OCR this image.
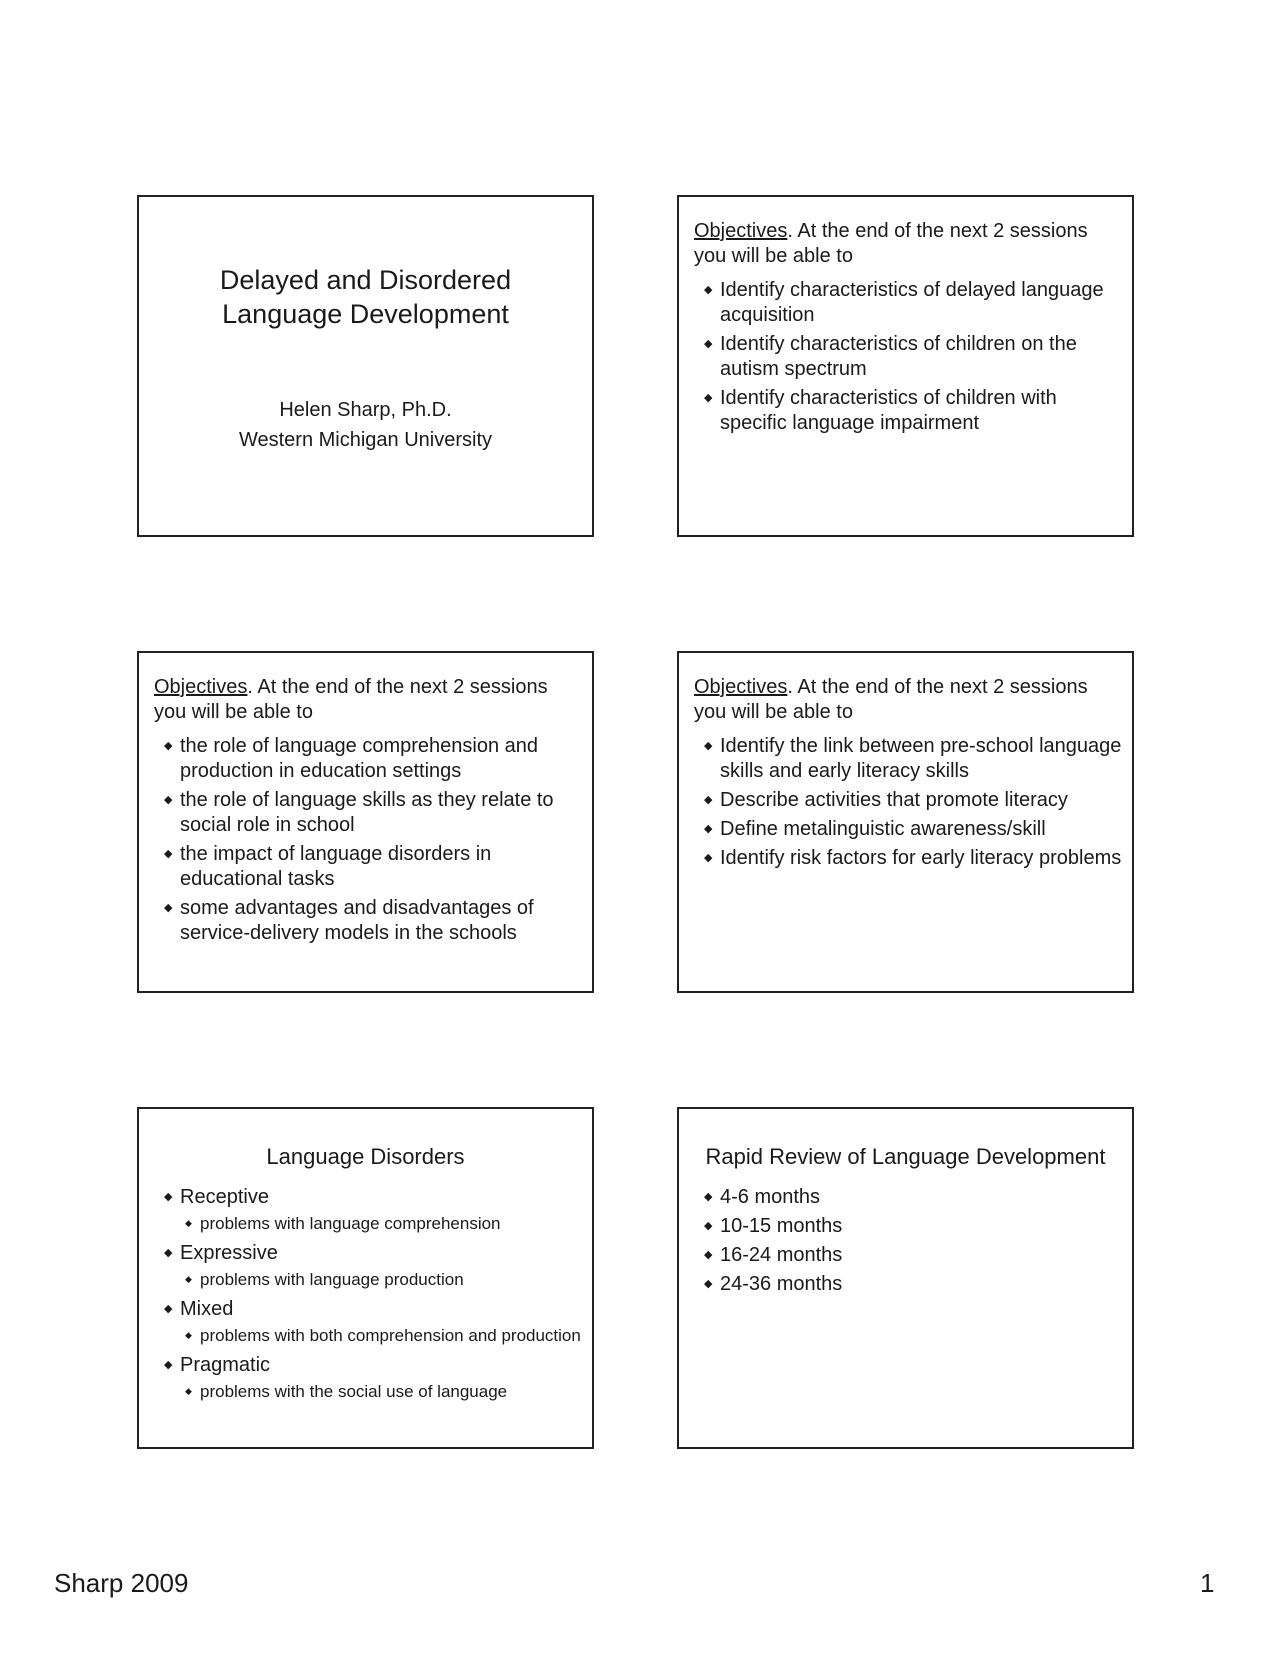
Delayed and Disordered
Language Development
Helen Sharp, Ph.D.
Western Michigan University
Objectives. At the end of the next 2 sessions you will be able to
◆ Identify characteristics of delayed language acquisition
◆ Identify characteristics of children on the autism spectrum
◆ Identify characteristics of children with specific language impairment
Objectives. At the end of the next 2 sessions you will be able to
◆ the role of language comprehension and production in education settings
◆ the role of language skills as they relate to social role in school
◆ the impact of language disorders in educational tasks
◆ some advantages and disadvantages of service-delivery models in the schools
Objectives. At the end of the next 2 sessions you will be able to
◆ Identify the link between pre-school language skills and early literacy skills
◆ Describe activities that promote literacy
◆ Define metalinguistic awareness/skill
◆ Identify risk factors for early literacy problems
Language Disorders
◆ Receptive
◆ problems with language comprehension
◆ Expressive
◆ problems with language production
◆ Mixed
◆ problems with both comprehension and production
◆ Pragmatic
◆ problems with the social use of language
Rapid Review of Language Development
◆ 4-6 months
◆ 10-15 months
◆ 16-24 months
◆ 24-36 months
Sharp 2009	1
